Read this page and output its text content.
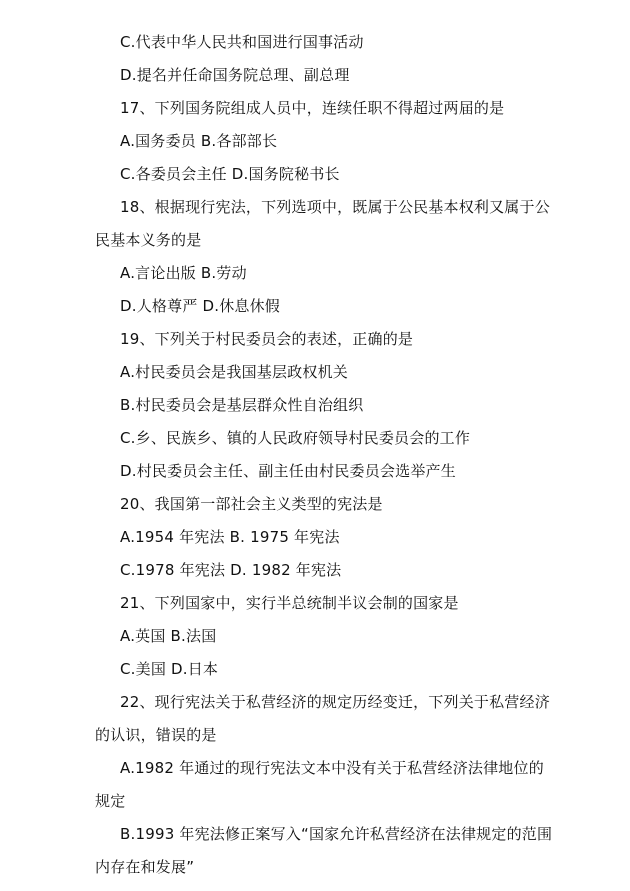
C.代表中华人民共和国进行国事活动
D.提名并任命国务院总理、副总理
17、下列国务院组成人员中，连续任职不得超过两届的是
A.国务委员 B.各部部长
C.各委员会主任 D.国务院秘书长
18、根据现行宪法，下列选项中，既属于公民基本权利又属于公
民基本义务的是
A.言论出版 B.劳动
D.人格尊严 D.休息休假
19、下列关于村民委员会的表述，正确的是
A.村民委员会是我国基层政权机关
B.村民委员会是基层群众性自治组织
C.乡、民族乡、镇的人民政府领导村民委员会的工作
D.村民委员会主任、副主任由村民委员会选举产生
20、我国第一部社会主义类型的宪法是
A.1954 年宪法 B. 1975 年宪法
C.1978 年宪法 D. 1982 年宪法
21、下列国家中，实行半总统制半议会制的国家是
A.英国 B.法国
C.美国 D.日本
22、现行宪法关于私营经济的规定历经变迁，下列关于私营经济
的认识，错误的是
A.1982 年通过的现行宪法文本中没有关于私营经济法律地位的
规定
B.1993 年宪法修正案写入“国家允许私营经济在法律规定的范围
内存在和发展”
